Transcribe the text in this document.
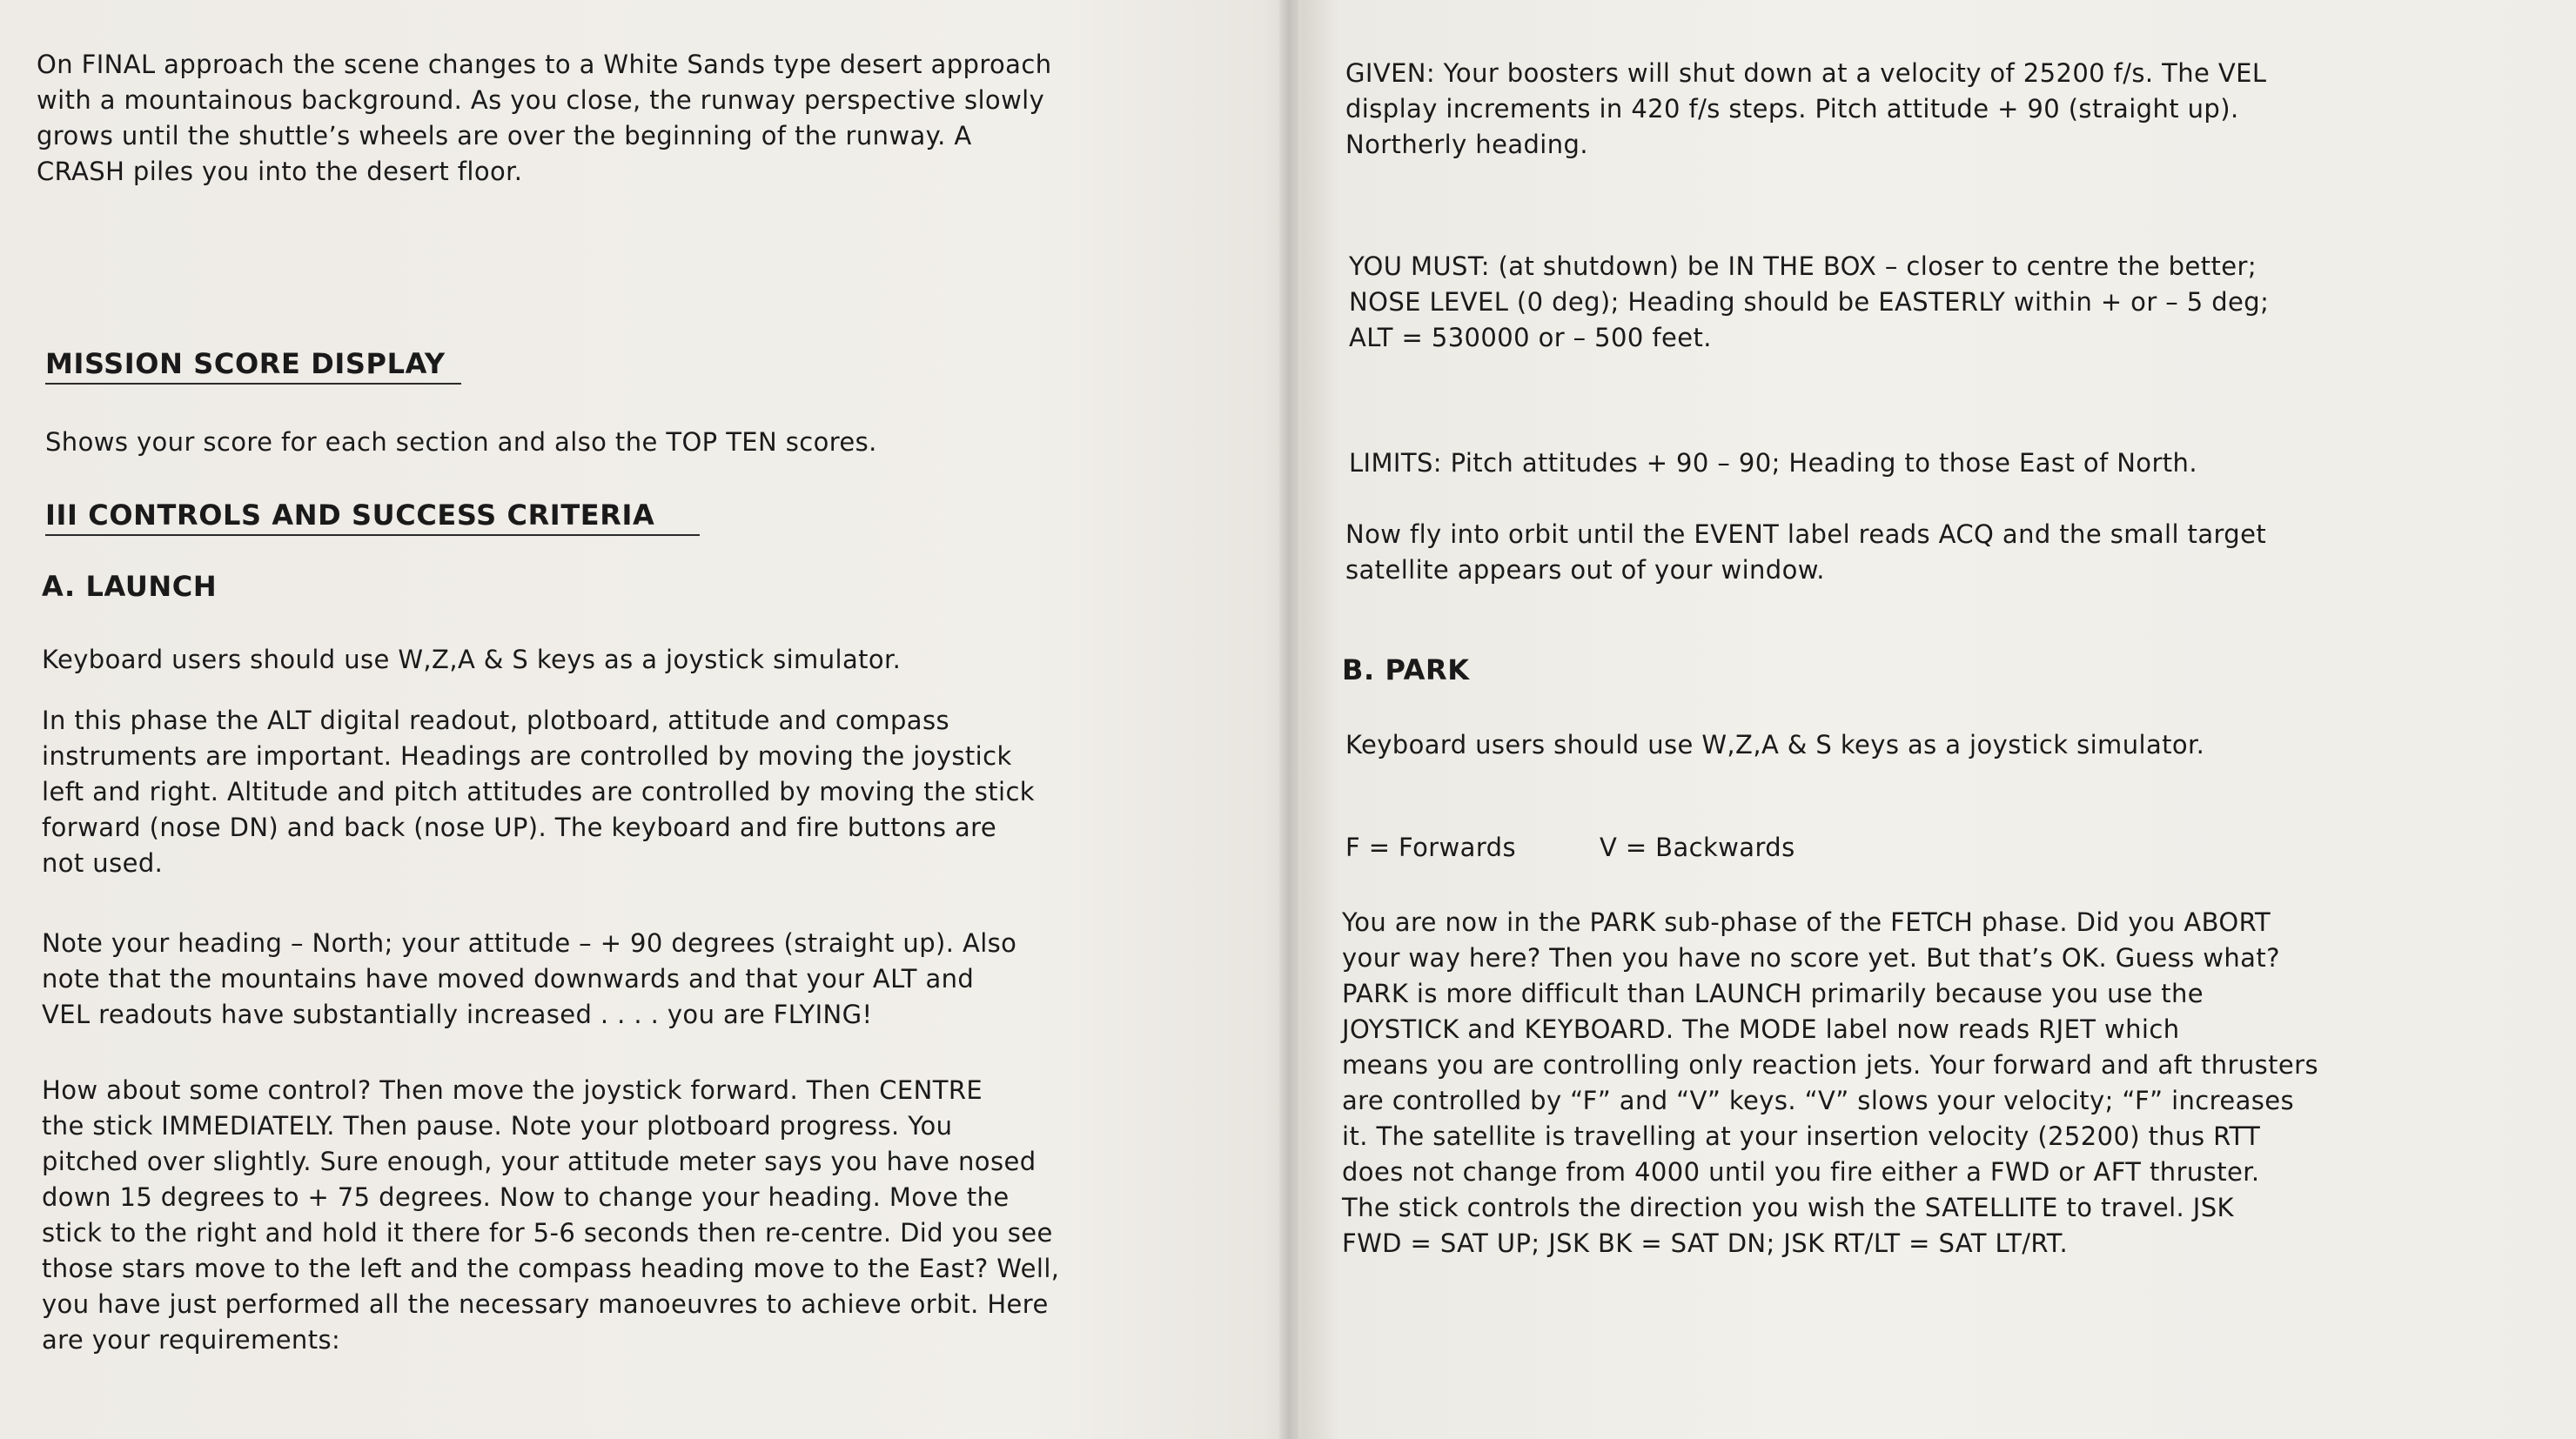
On FINAL approach the scene changes to a White Sands type desert approach
with a mountainous background. As you close, the runway perspective slowly
grows until the shuttle’s wheels are over the beginning of the runway. A
CRASH piles you into the desert floor.

MISSION SCORE DISPLAY

Shows your score for each section and also the TOP TEN scores.

III CONTROLS AND SUCCESS CRITERIA
A. LAUNCH

Keyboard users should use W,Z,A & S keys as a joystick simulator.

In this phase the ALT digital readout, plotboard, attitude and compass
instruments are important. Headings are controlled by moving the joystick
left and right. Altitude and pitch attitudes are controlled by moving the stick
forward (nose DN) and back (nose UP). The keyboard and fire buttons are
not used.

Note your heading – North; your attitude – + 90 degrees (straight up). Also
note that the mountains have moved downwards and that your ALT and
VEL readouts have substantially increased . . . . you are FLYING!

How about some control? Then move the joystick forward. Then CENTRE
the stick IMMEDIATELY. Then pause. Note your plotboard progress. You
pitched over slightly. Sure enough, your attitude meter says you have nosed
down 15 degrees to + 75 degrees. Now to change your heading. Move the
stick to the right and hold it there for 5-6 seconds then re-centre. Did you see
those stars move to the left and the compass heading move to the East? Well,
you have just performed all the necessary manoeuvres to achieve orbit. Here
are your requirements:

GIVEN: Your boosters will shut down at a velocity of 25200 f/s. The VEL
display increments in 420 f/s steps. Pitch attitude + 90 (straight up).
Northerly heading.

YOU MUST: (at shutdown) be IN THE BOX – closer to centre the better;
NOSE LEVEL (0 deg); Heading should be EASTERLY within + or – 5 deg;
ALT = 530000 or – 500 feet.

LIMITS: Pitch attitudes + 90 – 90; Heading to those East of North.

Now fly into orbit until the EVENT label reads ACQ and the small target
satellite appears out of your window.

B. PARK

Keyboard users should use W,Z,A & S keys as a joystick simulator.

F = Forwards	V = Backwards

You are now in the PARK sub-phase of the FETCH phase. Did you ABORT
your way here? Then you have no score yet. But that’s OK. Guess what?
PARK is more difficult than LAUNCH primarily because you use the
JOYSTICK and KEYBOARD. The MODE label now reads RJET which
means you are controlling only reaction jets. Your forward and aft thrusters
are controlled by “F” and “V” keys. “V” slows your velocity; “F” increases
it. The satellite is travelling at your insertion velocity (25200) thus RTT
does not change from 4000 until you fire either a FWD or AFT thruster.
The stick controls the direction you wish the SATELLITE to travel. JSK
FWD = SAT UP; JSK BK = SAT DN; JSK RT/LT = SAT LT/RT.
